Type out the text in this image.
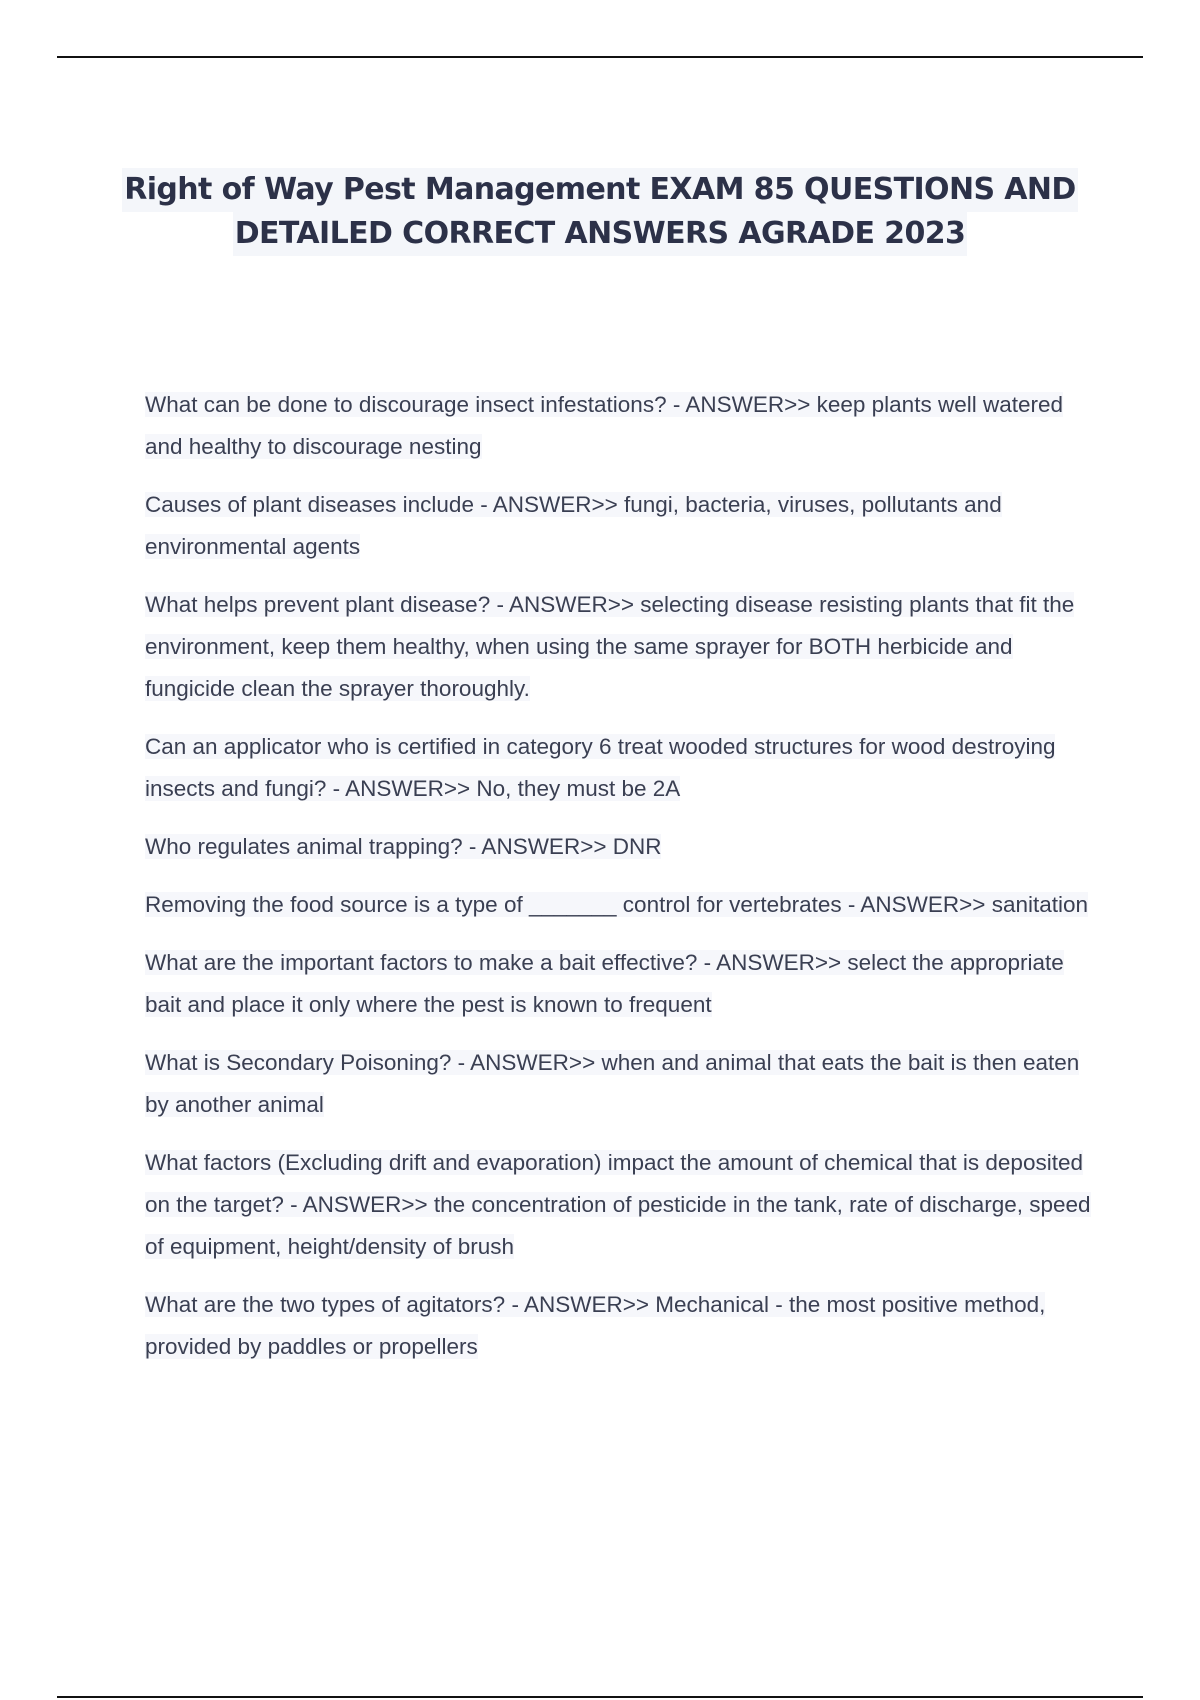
Right of Way Pest Management EXAM 85 QUESTIONS AND
DETAILED CORRECT ANSWERS AGRADE 2023
What can be done to discourage insect infestations? - ANSWER>> keep plants well watered and healthy to discourage nesting
Causes of plant diseases include - ANSWER>> fungi, bacteria, viruses, pollutants and environmental agents
What helps prevent plant disease? - ANSWER>> selecting disease resisting plants that fit the environment, keep them healthy, when using the same sprayer for BOTH herbicide and fungicide clean the sprayer thoroughly.
Can an applicator who is certified in category 6 treat wooded structures for wood destroying insects and fungi? - ANSWER>> No, they must be 2A
Who regulates animal trapping? - ANSWER>> DNR
Removing the food source is a type of _______ control for vertebrates - ANSWER>> sanitation
What are the important factors to make a bait effective? - ANSWER>> select the appropriate bait and place it only where the pest is known to frequent
What is Secondary Poisoning? - ANSWER>> when and animal that eats the bait is then eaten by another animal
What factors (Excluding drift and evaporation) impact the amount of chemical that is deposited on the target? - ANSWER>> the concentration of pesticide in the tank, rate of discharge, speed of equipment, height/density of brush
What are the two types of agitators? - ANSWER>> Mechanical - the most positive method, provided by paddles or propellers
